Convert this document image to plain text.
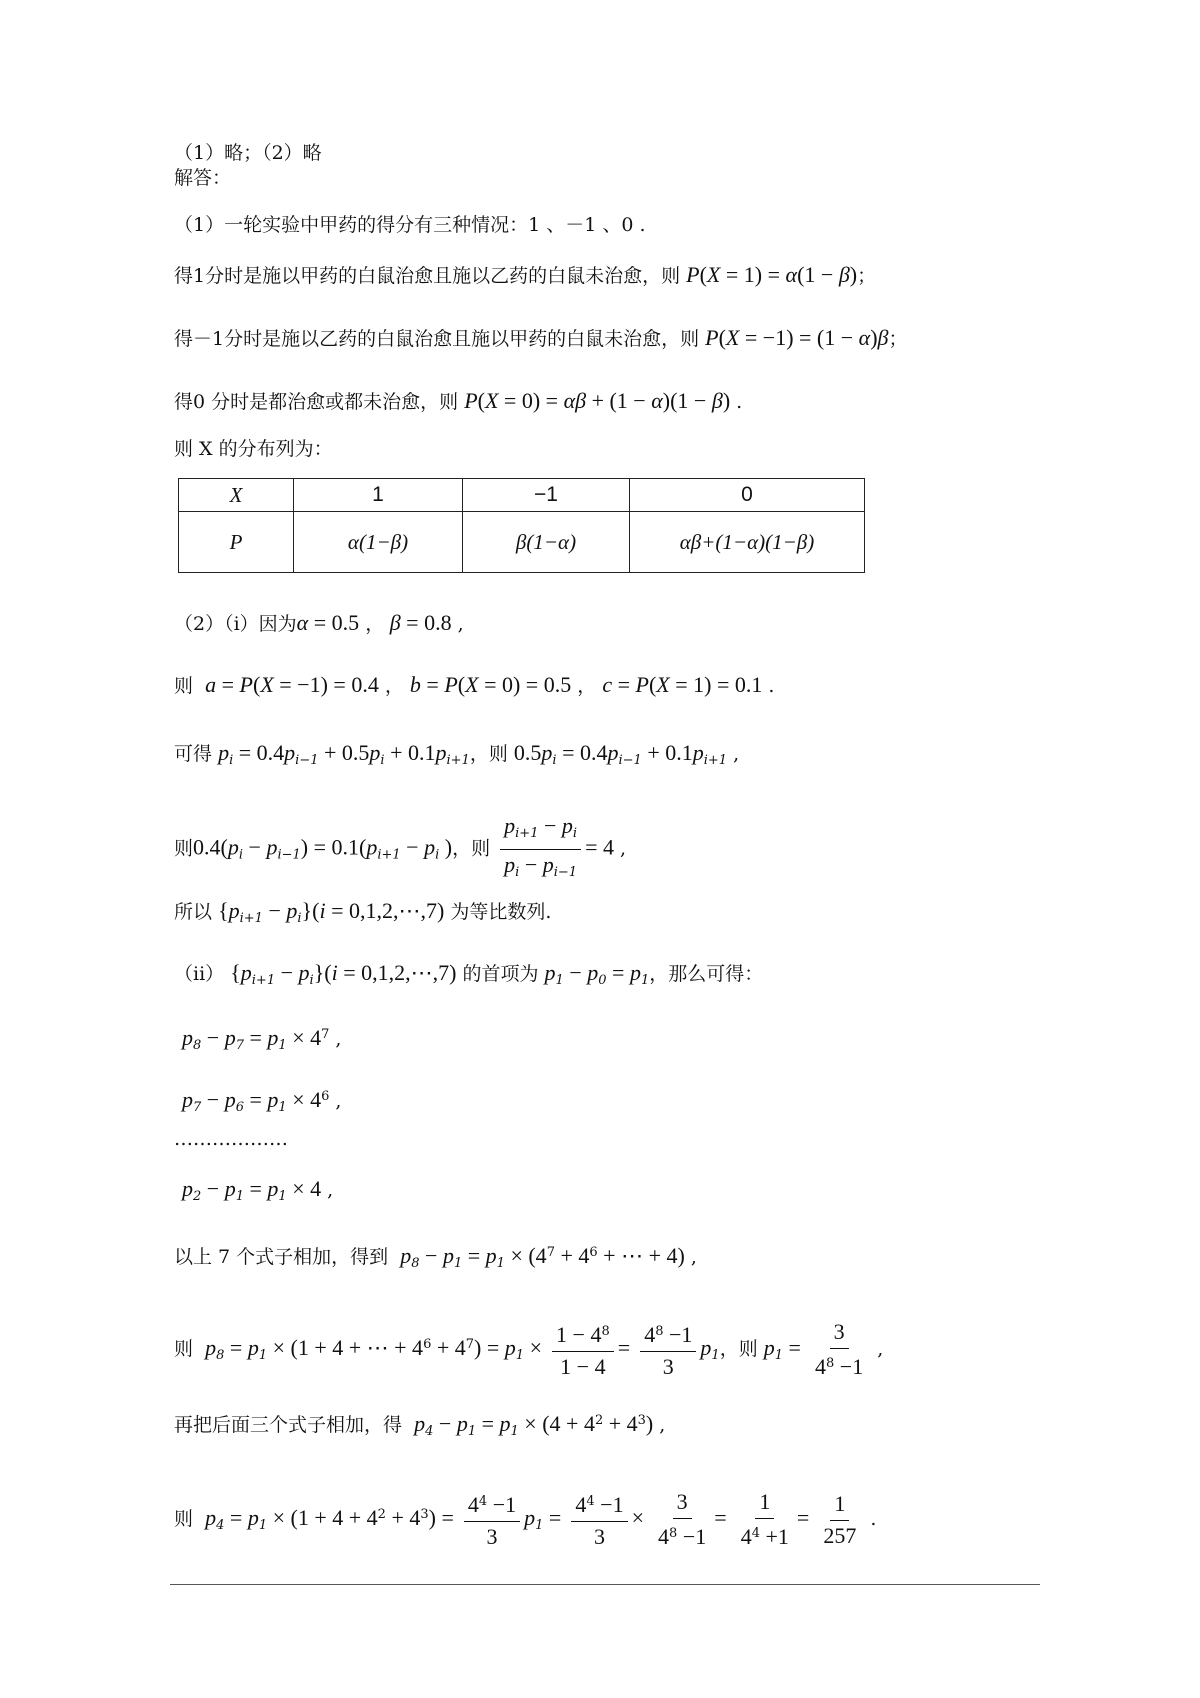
（1）略；（2）略
解答：
（1）一轮实验中甲药的得分有三种情况：1 、－1 、0 .
得1分时是施以甲药的白鼠治愈且施以乙药的白鼠未治愈，则 P(X = 1) = α(1 − β)；
得－1分时是施以乙药的白鼠治愈且施以甲药的白鼠未治愈，则 P(X = −1) = (1 − α)β；
得0 分时是都治愈或都未治愈，则 P(X = 0) = αβ + (1 − α)(1 − β) .
则 X 的分布列为：
X	1	−1	0
P	α(1−β)	β(1−α)	αβ+(1−α)(1−β)
（2）（i）因为α = 0.5 ， β = 0.8 ,
则 a = P(X = −1) = 0.4 ， b = P(X = 0) = 0.5 ， c = P(X = 1) = 0.1 .
可得 $p_i = 0.4p_{i-1} + 0.5p_i + 0.1p_{i+1}$，则 $0.5p_i = 0.4p_{i-1} + 0.1p_{i+1}$ ,
则$0.4(p_i - p_{i-1}) = 0.1(p_{i+1} - p_i$ )，则 $\frac{p_{i+1} - p_i}{p_i - p_{i-1}} = 4$ ,
所以 $\{p_{i+1} - p_i\}(i$ = 0,1,2,⋯,7) 为等比数列.
（ii） $\{p_{i+1} - p_i\}(i$ = 0,1,2,⋯,7) 的首项为 $p_1 - p_0 = p_1$，那么可得：
$p_8 - p_7 = p_1 \times 4^7$ ,
$p_7 - p_6 = p_1 \times 4^6$ ,
………………
$p_2 - p_1 = p_1 \times 4$ ,
以上 7 个式子相加，得到 $p_8 - p_1 = p_1 \times (4^7 + 4^6$ + ⋯ + 4) ,
则 $p_8 = p_1 \times (1 + 4$ + ⋯ + $4^6 + 4^7) = p_1 \times \frac{1 - 4^8}{1 - 4} = \frac{4^8 -1}{3} p_1$，则 $p_1 = \frac{3}{4^8 -1}$ ,
再把后面三个式子相加，得 $p_4 - p_1 = p_1 \times (4 + 4^2 + 4^3)$ ,
则 $p_4 = p_1 \times (1 + 4 + 4^2 + 4^3) = \frac{4^4 -1}{3} p_1 = \frac{4^4 -1}{3} \times \frac{3}{4^8 -1} = \frac{1}{4^4 +1} = \frac{1}{257}$ .
